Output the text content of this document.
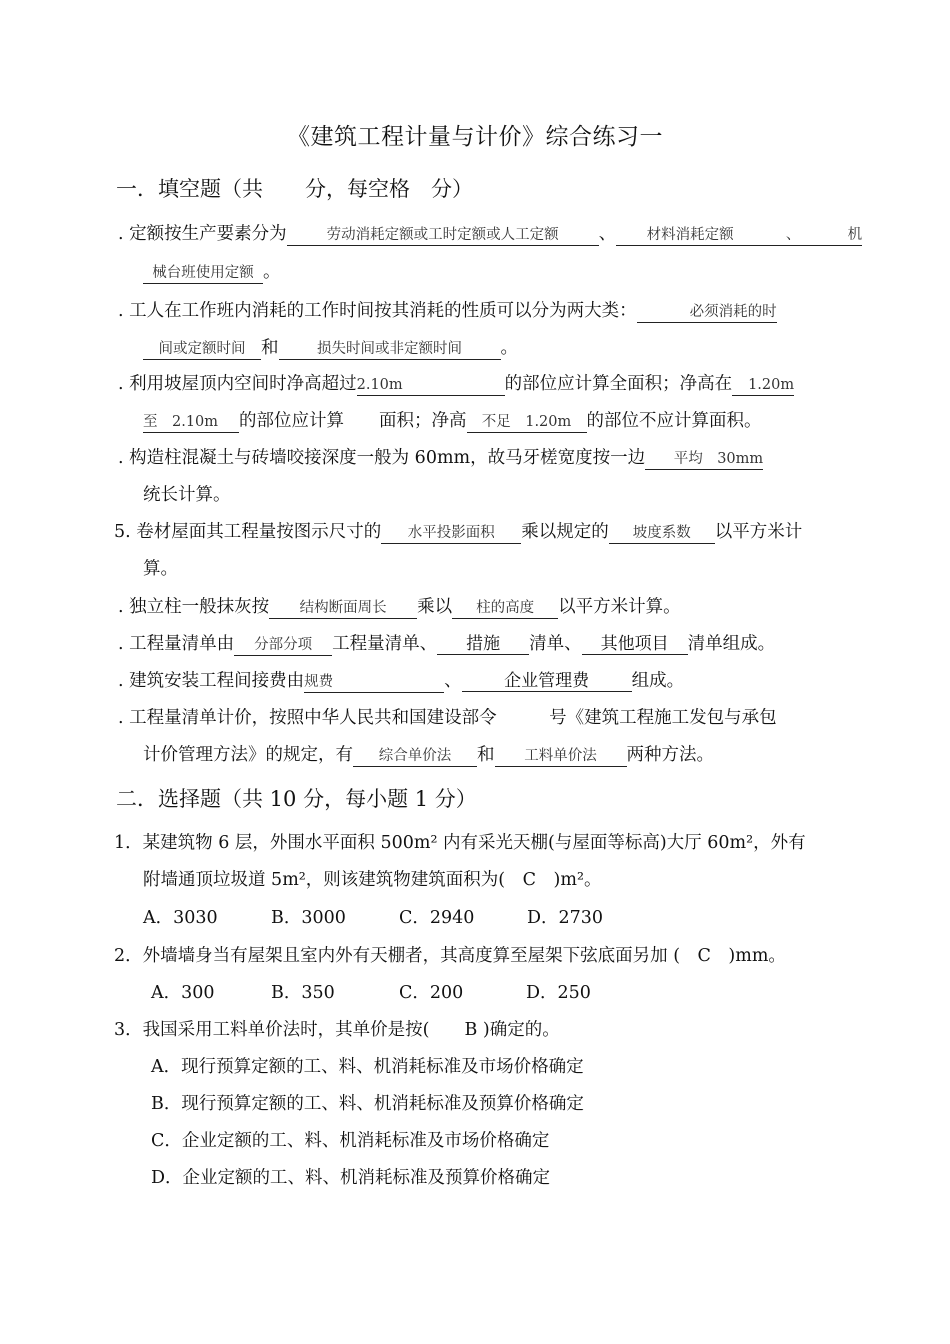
《建筑工程计量与计价》综合练习一
一．填空题（共　　分，每空格　分）
. 定额按生产要素分为	劳动消耗定额或工时定额或人工定额 、 材料消耗定额	、	机
械台班使用定额 。
. 工人在工作班内消耗的工作时间按其消耗的性质可以分为两大类：	必须消耗的时
间或定额时间 和	损失时间或非定额时间 。
. 利用坡屋顶内空间时净高超过2.10m	的部位应计算全面积；净高在 1.20m
至　2.10m 的部位应计算　　面积；净高 不足　1.20m 的部位不应计算面积。
. 构造柱混凝土与砖墙咬接深度一般为 60mm，故马牙槎宽度按一边 平均　30mm
统长计算。
5. 卷材屋面其工程量按图示尺寸的 水平投影面积 乘以规定的 坡度系数 以平方米计
算。
. 独立柱一般抹灰按 结构断面周长 乘以 柱的高度 以平方米计算。
. 工程量清单由 分部分项 工程量清单、 措施 清单、 其他项目 清单组成。
. 建筑安装工程间接费由规费	、	企业管理费 组成。
. 工程量清单计价，按照中华人民共和国建设部令　　　号《建筑工程施工发包与承包
计价管理方法》的规定，有 综合单价法 和 工料单价法 两种方法。
二．选择题（共 10 分，每小题 1 分）
1．某建筑物 6 层，外围水平面积 500m² 内有采光天棚(与屋面等标高)大厅 60m²，外有
附墙通顶垃圾道 5m²，则该建筑物建筑面积为(　C　)m²。
A．3030	B．3000	C．2940	D．2730
2．外墙墙身当有屋架且室内外有天棚者，其高度算至屋架下弦底面另加 (　C　)mm。
A．300	B．350	C．200	D．250
3．我国采用工料单价法时，其单价是按(　　B )确定的。
A．现行预算定额的工、料、机消耗标准及市场价格确定
B．现行预算定额的工、料、机消耗标准及预算价格确定
C．企业定额的工、料、机消耗标准及市场价格确定
D．企业定额的工、料、机消耗标准及预算价格确定
